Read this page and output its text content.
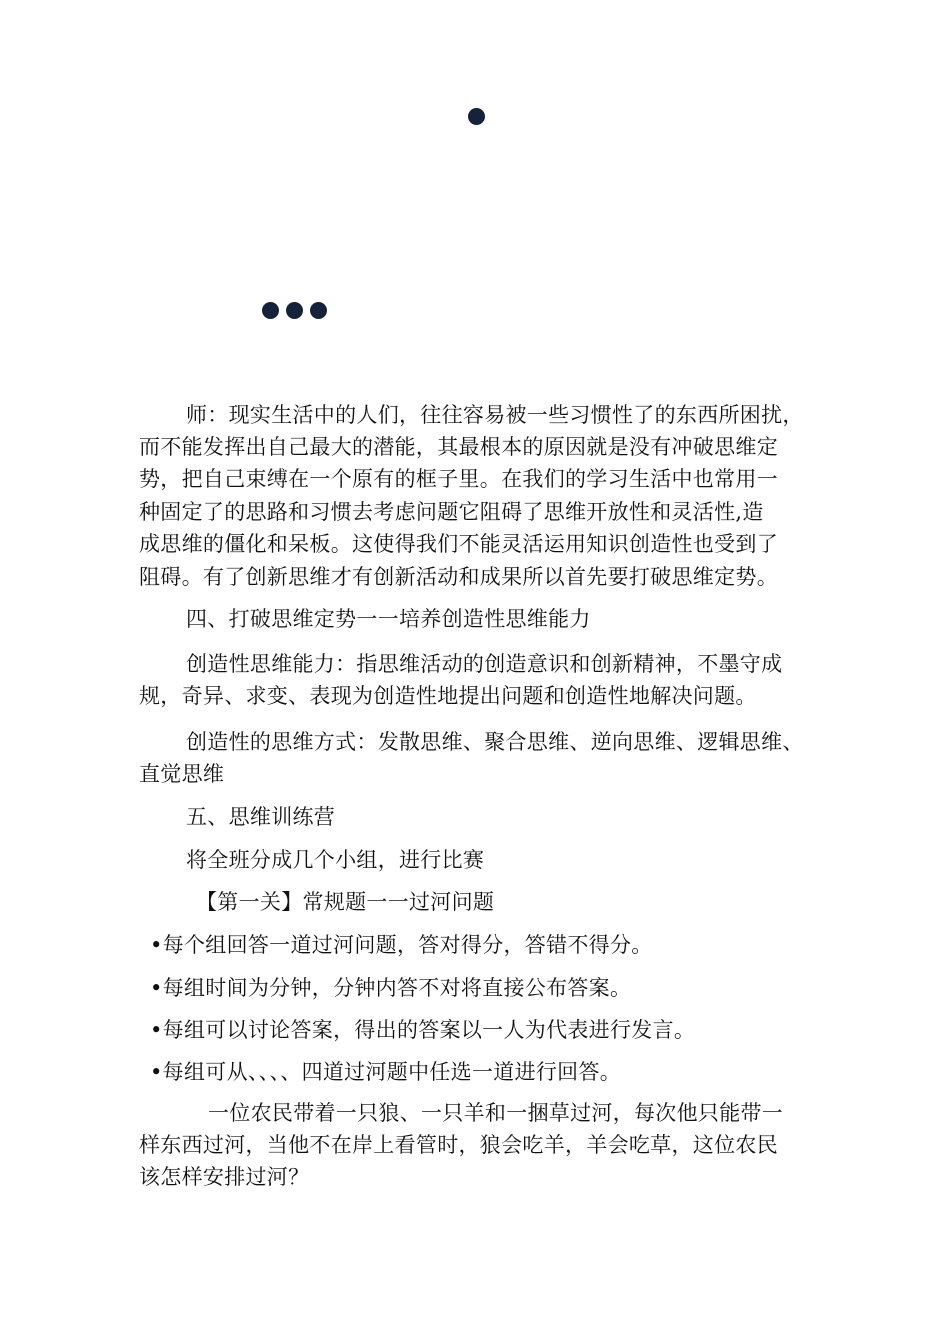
师：现实生活中的人们，往往容易被一些习惯性了的东西所困扰，
而不能发挥出自己最大的潜能，其最根本的原因就是没有冲破思维定
势，把自己束缚在一个原有的框子里。在我们的学习生活中也常用一
种固定了的思路和习惯去考虑问题它阻碍了思维开放性和灵活性,造
成思维的僵化和呆板。这使得我们不能灵活运用知识创造性也受到了
阻碍。有了创新思维才有创新活动和成果所以首先要打破思维定势。
四、打破思维定势一一培养创造性思维能力
创造性思维能力：指思维活动的创造意识和创新精神，不墨守成
规，奇异、求变、表现为创造性地提出问题和创造性地解决问题。
创造性的思维方式：发散思维、聚合思维、逆向思维、逻辑思维、
直觉思维
五、思维训练营
将全班分成几个小组，进行比赛
【第一关】常规题一一过河问题
•每个组回答一道过河问题，答对得分，答错不得分。
•每组时间为分钟，分钟内答不对将直接公布答案。
•每组可以讨论答案，得出的答案以一人为代表进行发言。
•每组可从、、、、四道过河题中任选一道进行回答。
一位农民带着一只狼、一只羊和一捆草过河，每次他只能带一
样东西过河，当他不在岸上看管时，狼会吃羊，羊会吃草，这位农民
该怎样安排过河？
